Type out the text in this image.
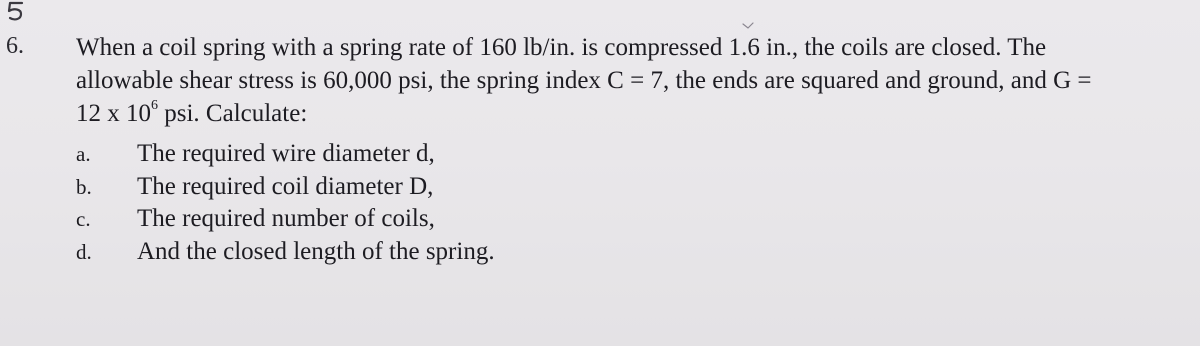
6. When a coil spring with a spring rate of 160 lb/in. is compressed 1.6 in., the coils are closed. The
allowable shear stress is 60,000 psi, the spring index C = 7, the ends are squared and ground, and G =
12 x $10^6$ psi. Calculate:
a.	The required wire diameter d,
b.	The required coil diameter D,
c.	The required number of coils,
d.	And the closed length of the spring.
